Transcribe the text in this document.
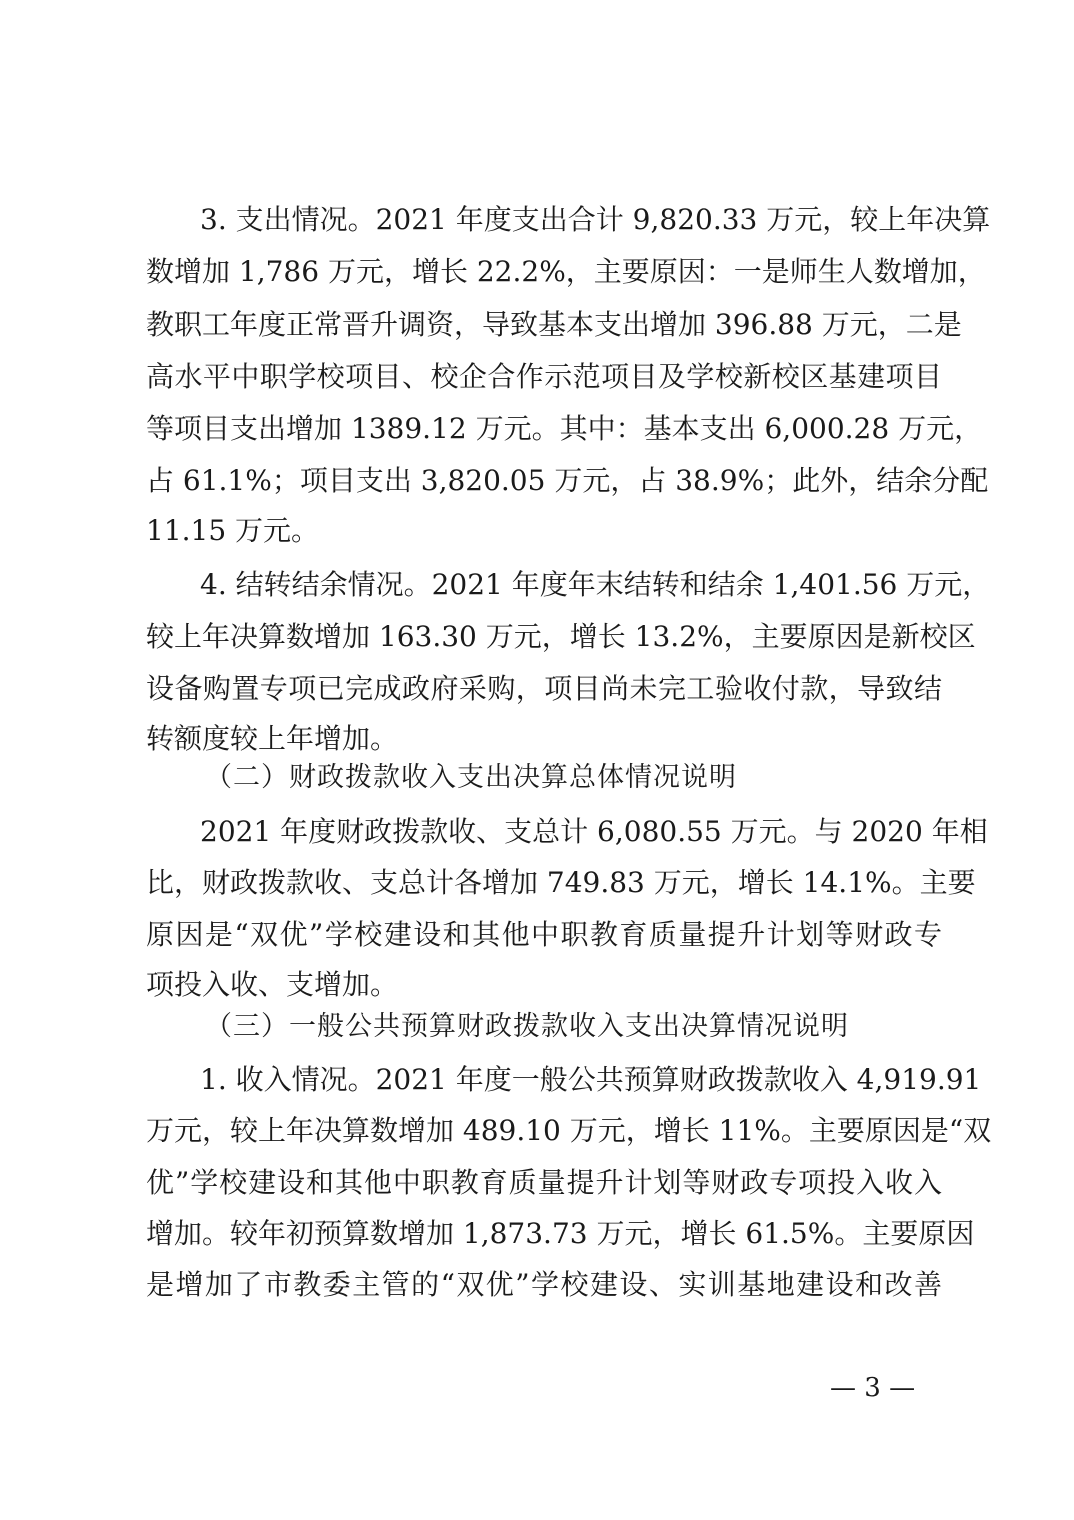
3. 支出情况。2021 年度支出合计 9,820.33 万元，较上年决算
数增加 1,786 万元，增长 22.2%，主要原因：一是师生人数增加，
教职工年度正常晋升调资，导致基本支出增加 396.88 万元，二是
高水平中职学校项目、校企合作示范项目及学校新校区基建项目
等项目支出增加 1389.12 万元。其中：基本支出 6,000.28 万元，
占 61.1%；项目支出 3,820.05 万元，占 38.9%；此外，结余分配
11.15 万元。
4. 结转结余情况。2021 年度年末结转和结余 1,401.56 万元，
较上年决算数增加 163.30 万元，增长 13.2%，主要原因是新校区
设备购置专项已完成政府采购，项目尚未完工验收付款，导致结
转额度较上年增加。
（二）财政拨款收入支出决算总体情况说明
2021 年度财政拨款收、支总计 6,080.55 万元。与 2020 年相
比，财政拨款收、支总计各增加 749.83 万元，增长 14.1%。主要
原因是“双优”学校建设和其他中职教育质量提升计划等财政专
项投入收、支增加。
（三）一般公共预算财政拨款收入支出决算情况说明
1. 收入情况。2021 年度一般公共预算财政拨款收入 4,919.91
万元，较上年决算数增加 489.10 万元，增长 11%。主要原因是“双
优”学校建设和其他中职教育质量提升计划等财政专项投入收入
增加。较年初预算数增加 1,873.73 万元，增长 61.5%。主要原因
是增加了市教委主管的“双优”学校建设、实训基地建设和改善
— 3 —
